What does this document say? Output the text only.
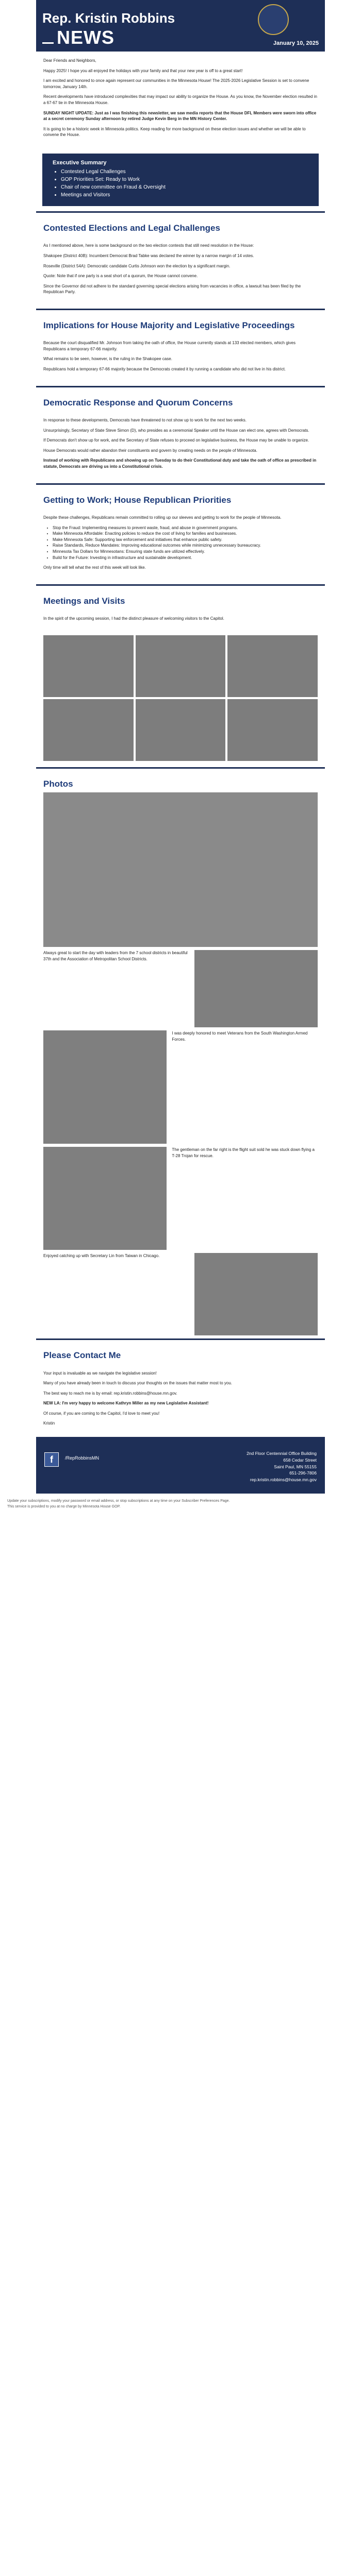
Rep. Kristin Robbins
NEWS	January 10, 2025

Dear Friends and Neighbors,

Happy 2025! I hope you all enjoyed the holidays with your family and that your new year is off to a great start!

I am excited and honored to once again represent our communities in the Minnesota House! The 2025-2026 Legislative Session is set to convene tomorrow, January 14th.

Recent developments have introduced complexities that may impact our ability to organize the House. As you know, the November election resulted in a 67-67 tie in the Minnesota House.

SUNDAY NIGHT UPDATE: Just as I was finishing this newsletter, we saw media reports that the House DFL Members were sworn into office at a secret ceremony Sunday afternoon by retired Judge Kevin Berg in the MN History Center.

It is going to be a historic week in Minnesota politics. Keep reading for more background on these election issues and whether we will be able to convene the House.

Executive Summary
• Contested Legal Challenges
• GOP Priorities Set: Ready to Work
• Chair of new committee on Fraud & Oversight
• Meetings and Visitors
Contested Elections and Legal Challenges

As I mentioned above, here is some background on the two election contests that still need resolution in the House:

Shakopee (District 40B): Incumbent Democrat Brad Tabke was declared the winner by a narrow margin of 14 votes.

Roseville (District 54A): Democratic candidate Curtis Johnson won the election by a significant margin.

Quote: Note that if one party is a seat short of a quorum, the House cannot convene.

Since the Governor did not adhere to the standard governing special elections arising from vacancies in office, a lawsuit has been filed by the Republican Party.

Implications for House Majority and Legislative Proceedings

Because the court disqualified Mr. Johnson from taking the oath of office, the House currently stands at 133 elected members, which gives Republicans a temporary 67-66 majority.

What remains to be seen, however, is the ruling in the Shakopee case.

Republicans hold a temporary 67-66 majority because the Democrats created it by running a candidate who did not live in his district.

Democratic Response and Quorum Concerns

In response to these developments, Democrats have threatened to not show up to work for the next two weeks.

Unsurprisingly, Secretary of State Steve Simon (D), who presides as a ceremonial Speaker until the House can elect one, agrees with Democrats.

If Democrats don't show up for work, and the Secretary of State refuses to proceed on legislative business, the House may be unable to organize.

House Democrats would rather abandon their constituents and govern by creating needs on the people of Minnesota.

Instead of working with Republicans and showing up on Tuesday to do their Constitutional duty and take the oath of office as prescribed in statute, Democrats are driving us into a Constitutional crisis.

Getting to Work; House Republican Priorities

Despite these challenges, Republicans remain committed to rolling up our sleeves and getting to work for the people of Minnesota.

• Stop the Fraud: Implementing measures to prevent waste, fraud, and abuse in government programs.
• Make Minnesota Affordable: Enacting policies to reduce the cost of living for families and businesses.
• Make Minnesota Safe: Supporting law enforcement and initiatives that enhance public safety.
• Raise Standards, Reduce Mandates: Improving educational outcomes while minimizing unnecessary bureaucracy.
• Minnesota Tax Dollars for Minnesotans: Ensuring state funds are utilized effectively.
• Build for the Future: Investing in infrastructure and sustainable development.

Only time will tell what the rest of this week will look like.

Meetings and Visits

In the spirit of the upcoming session, I had the distinct pleasure of welcoming visitors to the Capitol.

Photos
Always great to start the day with leaders from the 7 school districts in beautiful 37th and the Association of Metropolitan School Districts.
I was deeply honored to meet Veterans from the South Washington Armed Forces.
The gentleman on the far right is the flight suit sold he was stuck down flying a T-28 Trojan for rescue.
Enjoyed catching up with Secretary Lin from Taiwan in Chicago.
Please Contact Me

Your input is invaluable as we navigate the legislative session!

Many of you have already been in touch to discuss your thoughts on the issues that matter most to you.

The best way to reach me is by email: rep.kristin.robbins@house.mn.gov.

NEW LA: I'm very happy to welcome Kathryn Miller as my new Legislative Assistant!

Of course, if you are coming to the Capitol, I'd love to meet you!

Kristin

f	/RepRobbinsMN
2nd Floor Centennial Office Building
658 Cedar Street
Saint Paul, MN 55155
651-296-7806
rep.kristin.robbins@house.mn.gov

Update your subscriptions, modify your password or email address, or stop subscriptions at any time on your Subscriber Preferences Page.

This service is provided to you at no charge by Minnesota House GOP.
